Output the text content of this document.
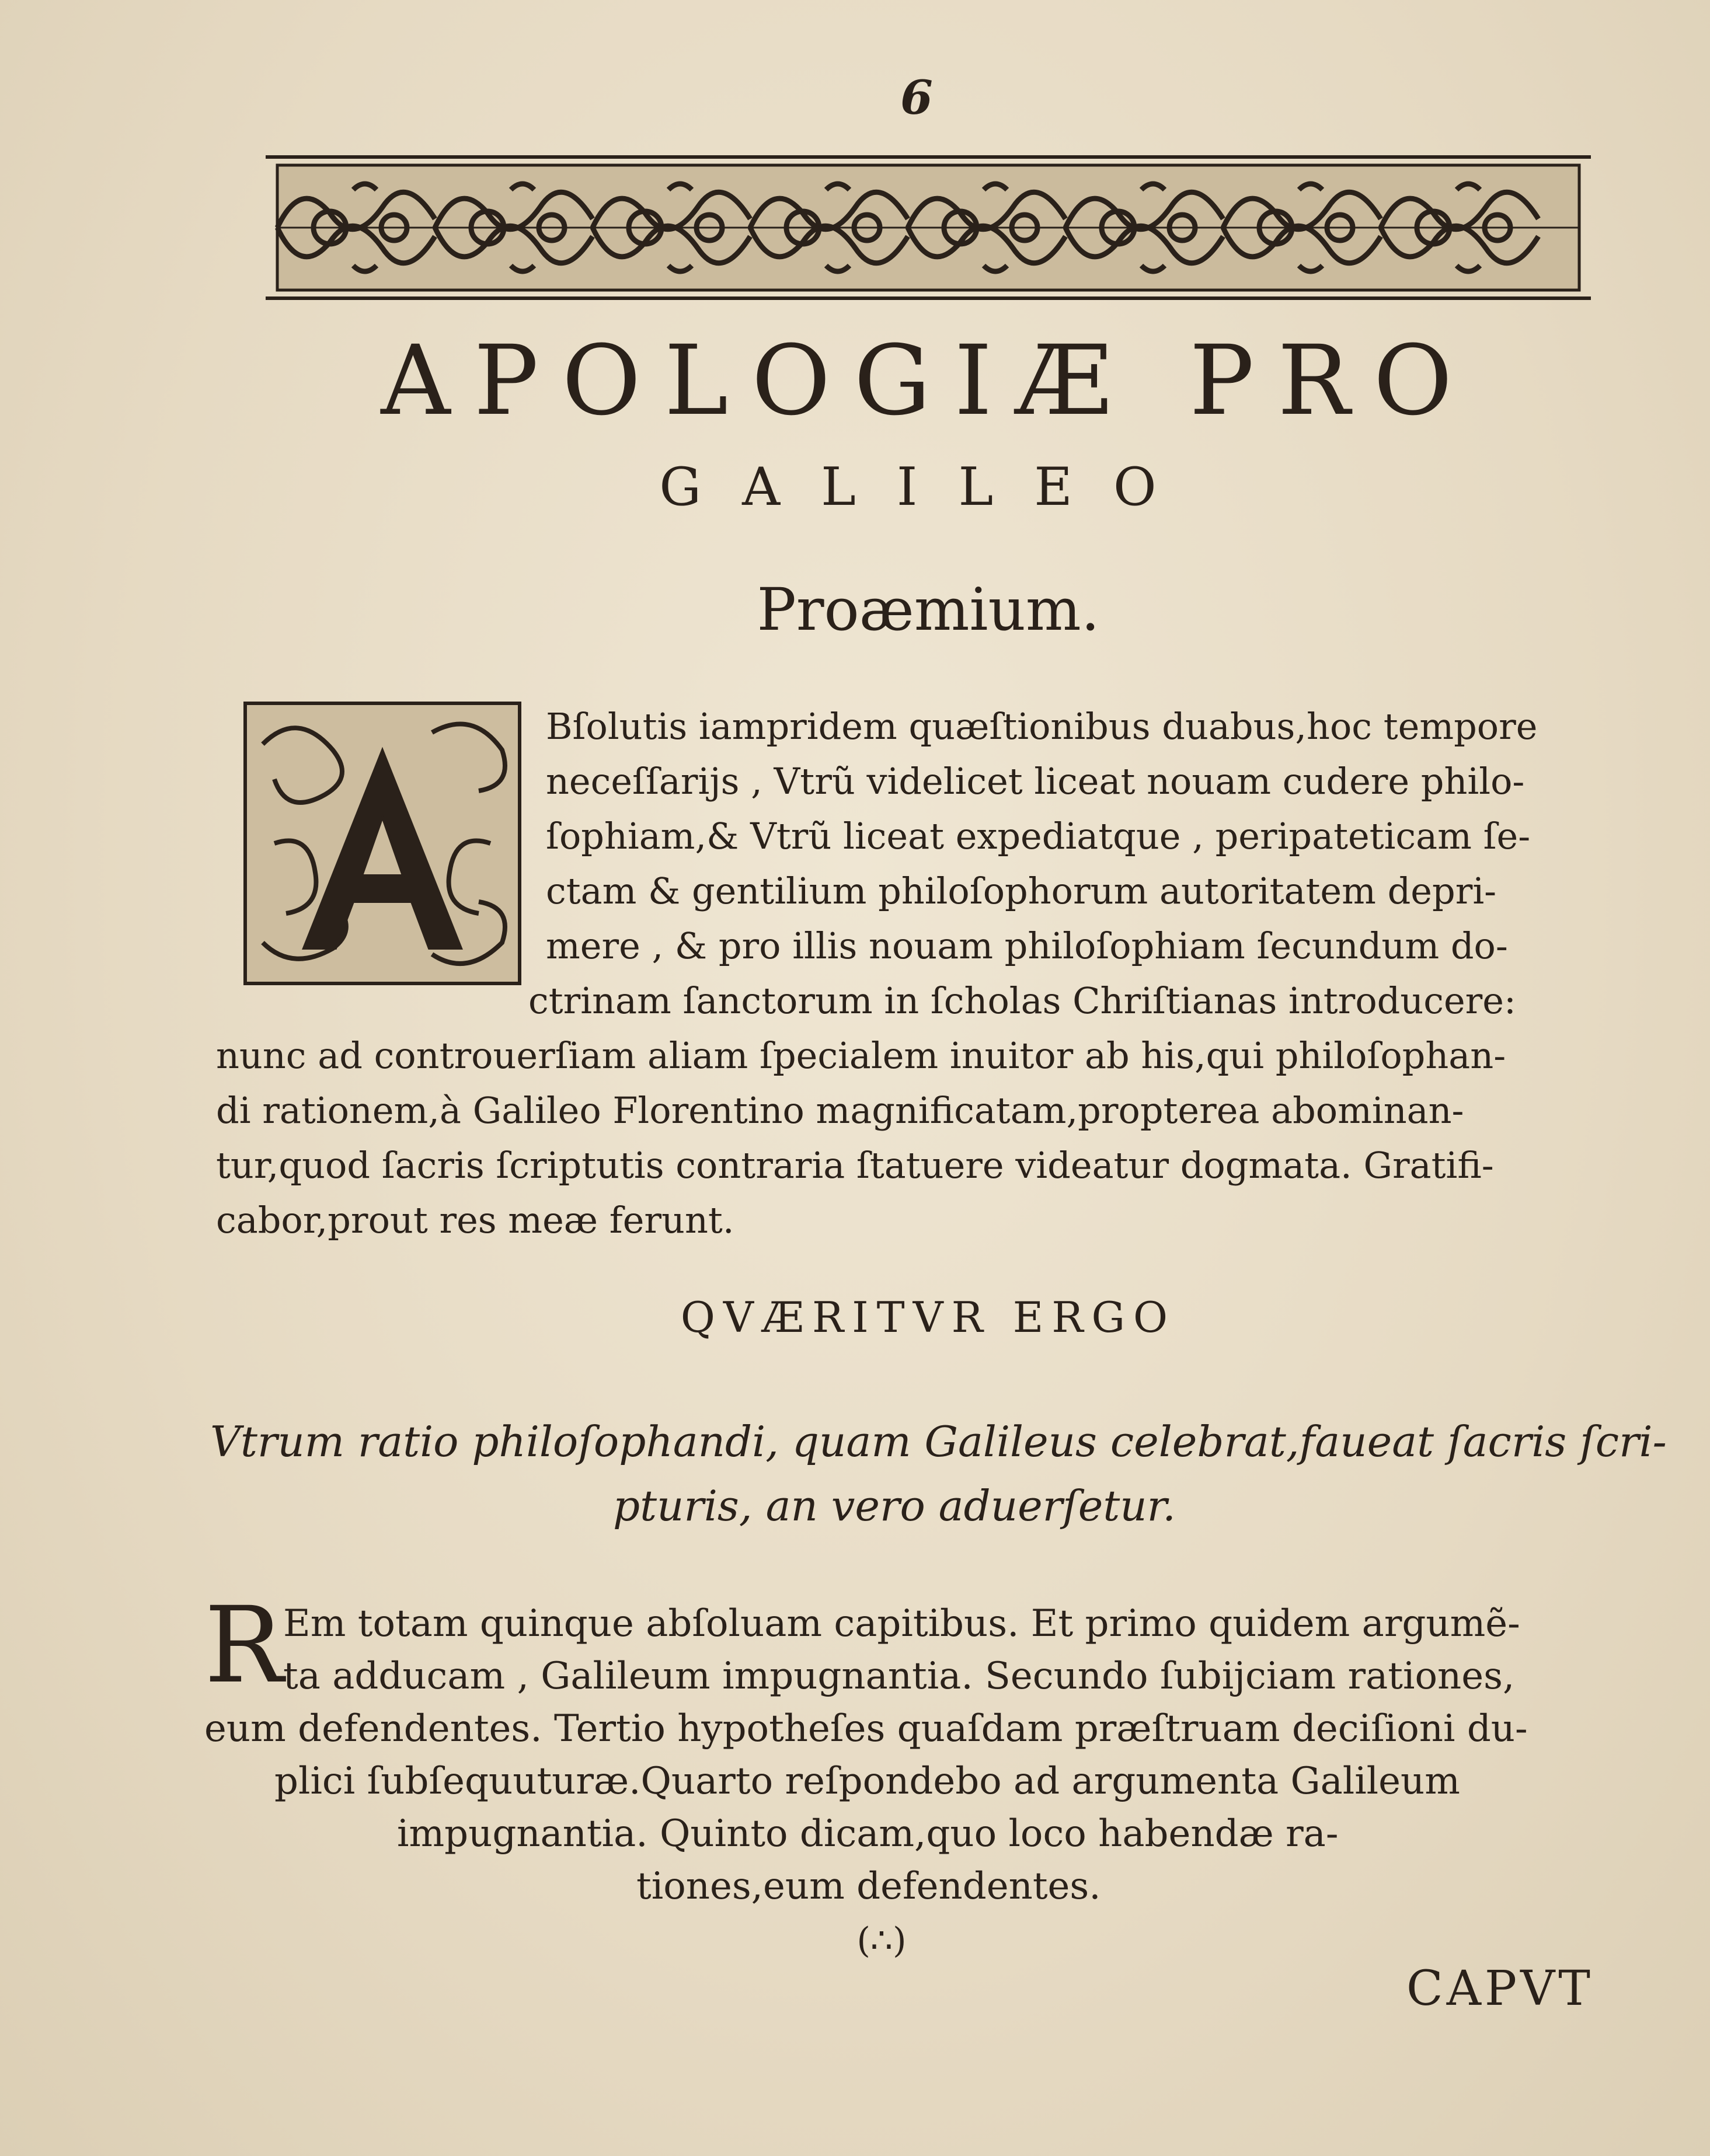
6
APOLOGIÆ PRO
GALILEO
Proæmium.
Bſolutis iampridem quæſtionibus duabus,hoc tempore
neceſſarijs , Vtrũ videlicet liceat nouam cudere philo-
ſophiam,& Vtrũ liceat expediatque , peripateticam ſe-
ctam & gentilium philoſophorum autoritatem depri-
mere , & pro illis nouam philoſophiam ſecundum do-
ctrinam ſanctorum in ſcholas Chriſtianas introducere:
nunc ad controuerſiam aliam ſpecialem inuitor ab his,qui philoſophan-
di rationem,à Galileo Florentino magnificatam,propterea abominan-
tur,quod ſacris ſcriptutis contraria ſtatuere videatur dogmata. Gratifi-
cabor,prout res meæ ferunt.
QVÆRITVR ERGO
Vtrum ratio philoſophandi, quam Galileus celebrat,faueat ſacris ſcri-
pturis, an vero aduerſetur.
R Em totam quinque abſoluam capitibus. Et primo quidem argumẽ-
ta adducam , Galileum impugnantia. Secundo ſubijciam rationes,
eum defendentes. Tertio hypotheſes quaſdam præſtruam deciſioni du-
plici ſubſequuturæ.Quarto reſpondebo ad argumenta Galileum
impugnantia. Quinto dicam,quo loco habendæ ra-
tiones,eum defendentes.
(∴)
CAPVT
